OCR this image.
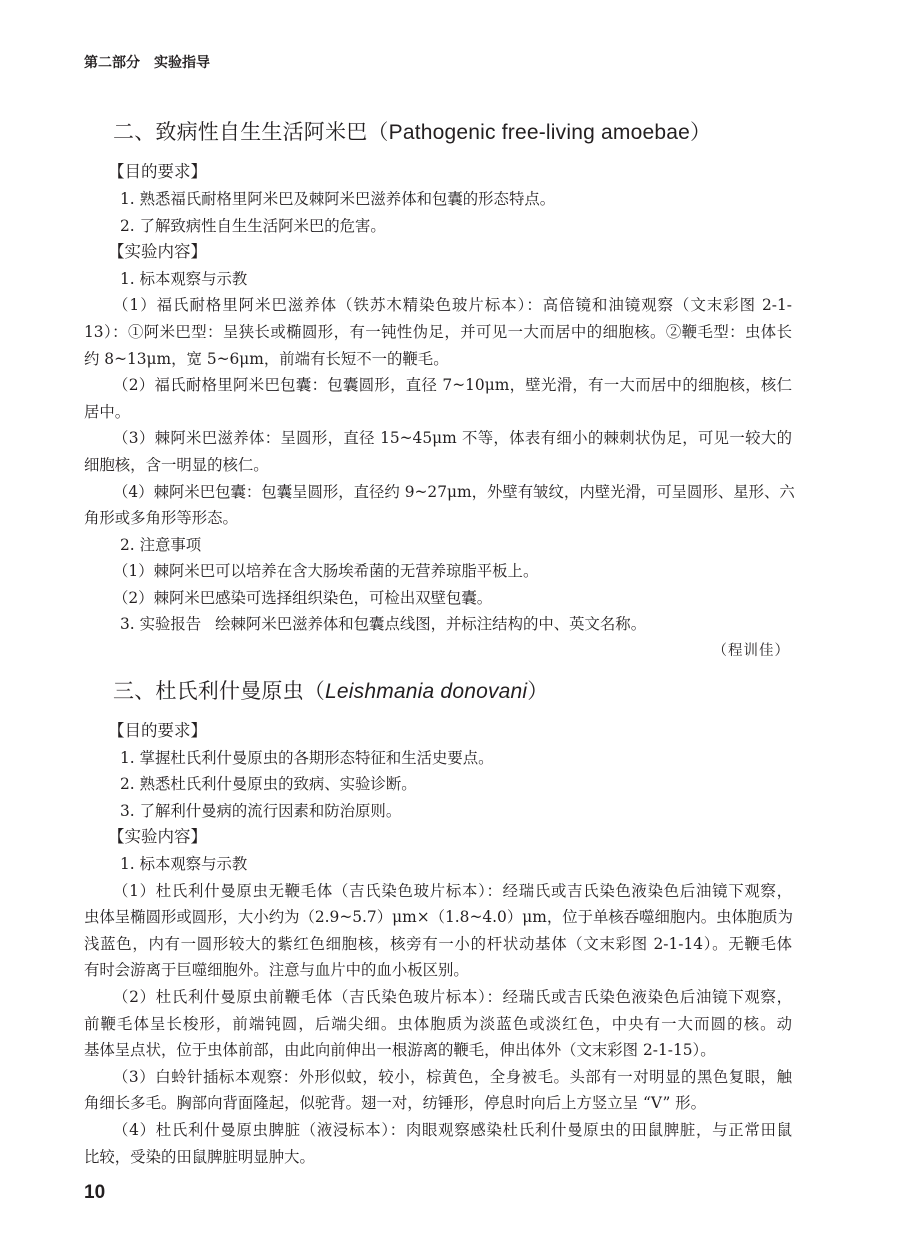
第二部分　实验指导
二、致病性自生生活阿米巴（Pathogenic free-living amoebae）
【目的要求】
1. 熟悉福氏耐格里阿米巴及棘阿米巴滋养体和包囊的形态特点。
2. 了解致病性自生生活阿米巴的危害。
【实验内容】
1. 标本观察与示教
（1）福氏耐格里阿米巴滋养体（铁苏木精染色玻片标本）：高倍镜和油镜观察（文末彩图 2-1-
13）：①阿米巴型：呈狭长或椭圆形，有一钝性伪足，并可见一大而居中的细胞核。②鞭毛型：虫体长
约 8~13μm，宽 5~6μm，前端有长短不一的鞭毛。
（2）福氏耐格里阿米巴包囊：包囊圆形，直径 7~10μm，壁光滑，有一大而居中的细胞核，核仁
居中。
（3）棘阿米巴滋养体：呈圆形，直径 15~45μm 不等，体表有细小的棘刺状伪足，可见一较大的
细胞核，含一明显的核仁。
（4）棘阿米巴包囊：包囊呈圆形，直径约 9~27μm，外壁有皱纹，内壁光滑，可呈圆形、星形、六
角形或多角形等形态。
2. 注意事项
（1）棘阿米巴可以培养在含大肠埃希菌的无营养琼脂平板上。
（2）棘阿米巴感染可选择组织染色，可检出双壁包囊。
3. 实验报告 绘棘阿米巴滋养体和包囊点线图，并标注结构的中、英文名称。
（程训佳）
三、杜氏利什曼原虫（Leishmania donovani）
【目的要求】
1. 掌握杜氏利什曼原虫的各期形态特征和生活史要点。
2. 熟悉杜氏利什曼原虫的致病、实验诊断。
3. 了解利什曼病的流行因素和防治原则。
【实验内容】
1. 标本观察与示教
（1）杜氏利什曼原虫无鞭毛体（吉氏染色玻片标本）：经瑞氏或吉氏染色液染色后油镜下观察，
虫体呈椭圆形或圆形，大小约为（2.9~5.7）μm×（1.8~4.0）μm，位于单核吞噬细胞内。虫体胞质为
浅蓝色，内有一圆形较大的紫红色细胞核，核旁有一小的杆状动基体（文末彩图 2-1-14）。无鞭毛体
有时会游离于巨噬细胞外。注意与血片中的血小板区别。
（2）杜氏利什曼原虫前鞭毛体（吉氏染色玻片标本）：经瑞氏或吉氏染色液染色后油镜下观察，
前鞭毛体呈长梭形，前端钝圆，后端尖细。虫体胞质为淡蓝色或淡红色，中央有一大而圆的核。动
基体呈点状，位于虫体前部，由此向前伸出一根游离的鞭毛，伸出体外（文末彩图 2-1-15）。
（3）白蛉针插标本观察：外形似蚊，较小，棕黄色，全身被毛。头部有一对明显的黑色复眼，触
角细长多毛。胸部向背面隆起，似驼背。翅一对，纺锤形，停息时向后上方竖立呈 “V” 形。
（4）杜氏利什曼原虫脾脏（液浸标本）：肉眼观察感染杜氏利什曼原虫的田鼠脾脏，与正常田鼠
比较，受染的田鼠脾脏明显肿大。
10
